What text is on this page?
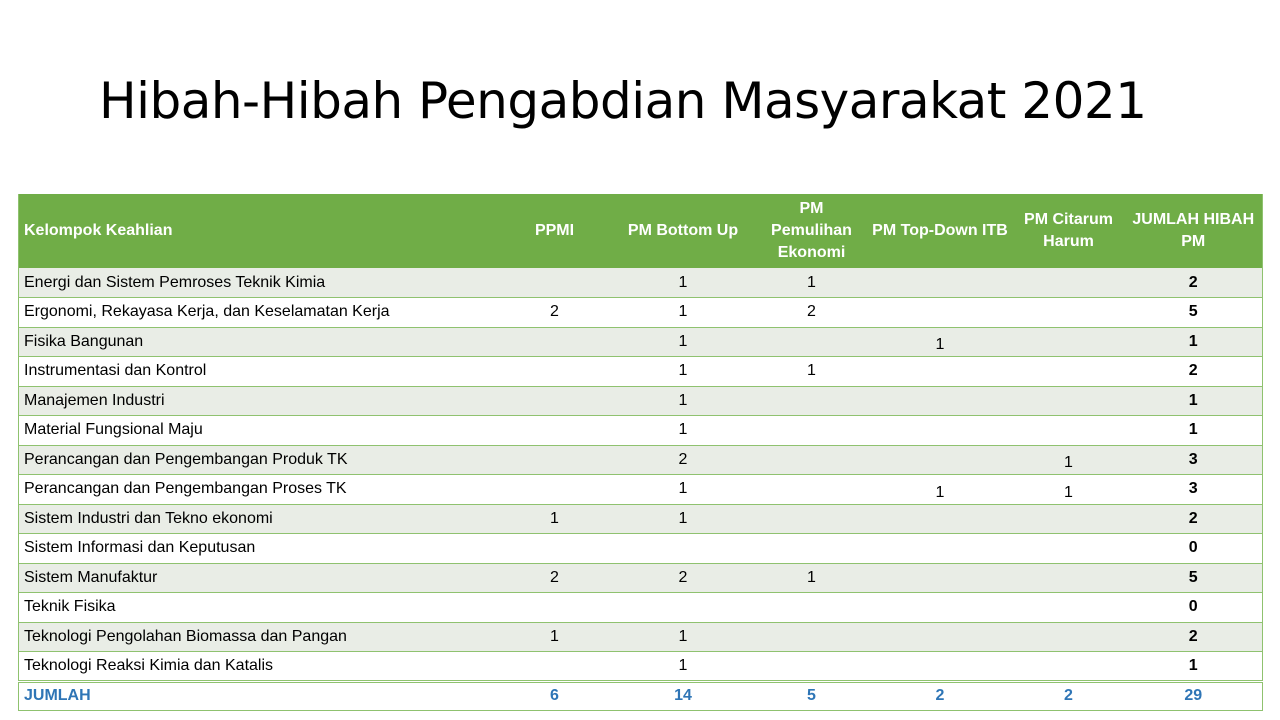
Hibah-Hibah Pengabdian Masyarakat 2021
Kelompok Keahlian	PPMI	PM Bottom Up	PM Pemulihan Ekonomi	PM Top-Down ITB	PM Citarum Harum	JUMLAH HIBAH PM
Energi dan Sistem Pemroses Teknik Kimia		1	1			2
Ergonomi, Rekayasa Kerja, dan Keselamatan Kerja	2	1	2			5
Fisika Bangunan		1		1		1
Instrumentasi dan Kontrol		1	1			2
Manajemen Industri		1				1
Material Fungsional Maju		1				1
Perancangan dan Pengembangan Produk TK		2			1	3
Perancangan dan Pengembangan Proses TK		1		1	1	3
Sistem Industri dan Tekno ekonomi	1	1				2
Sistem Informasi dan Keputusan						0
Sistem Manufaktur	2	2	1			5
Teknik Fisika						0
Teknologi Pengolahan Biomassa dan Pangan	1	1				2
Teknologi Reaksi Kimia dan Katalis		1				1
JUMLAH	6	14	5	2	2	29
